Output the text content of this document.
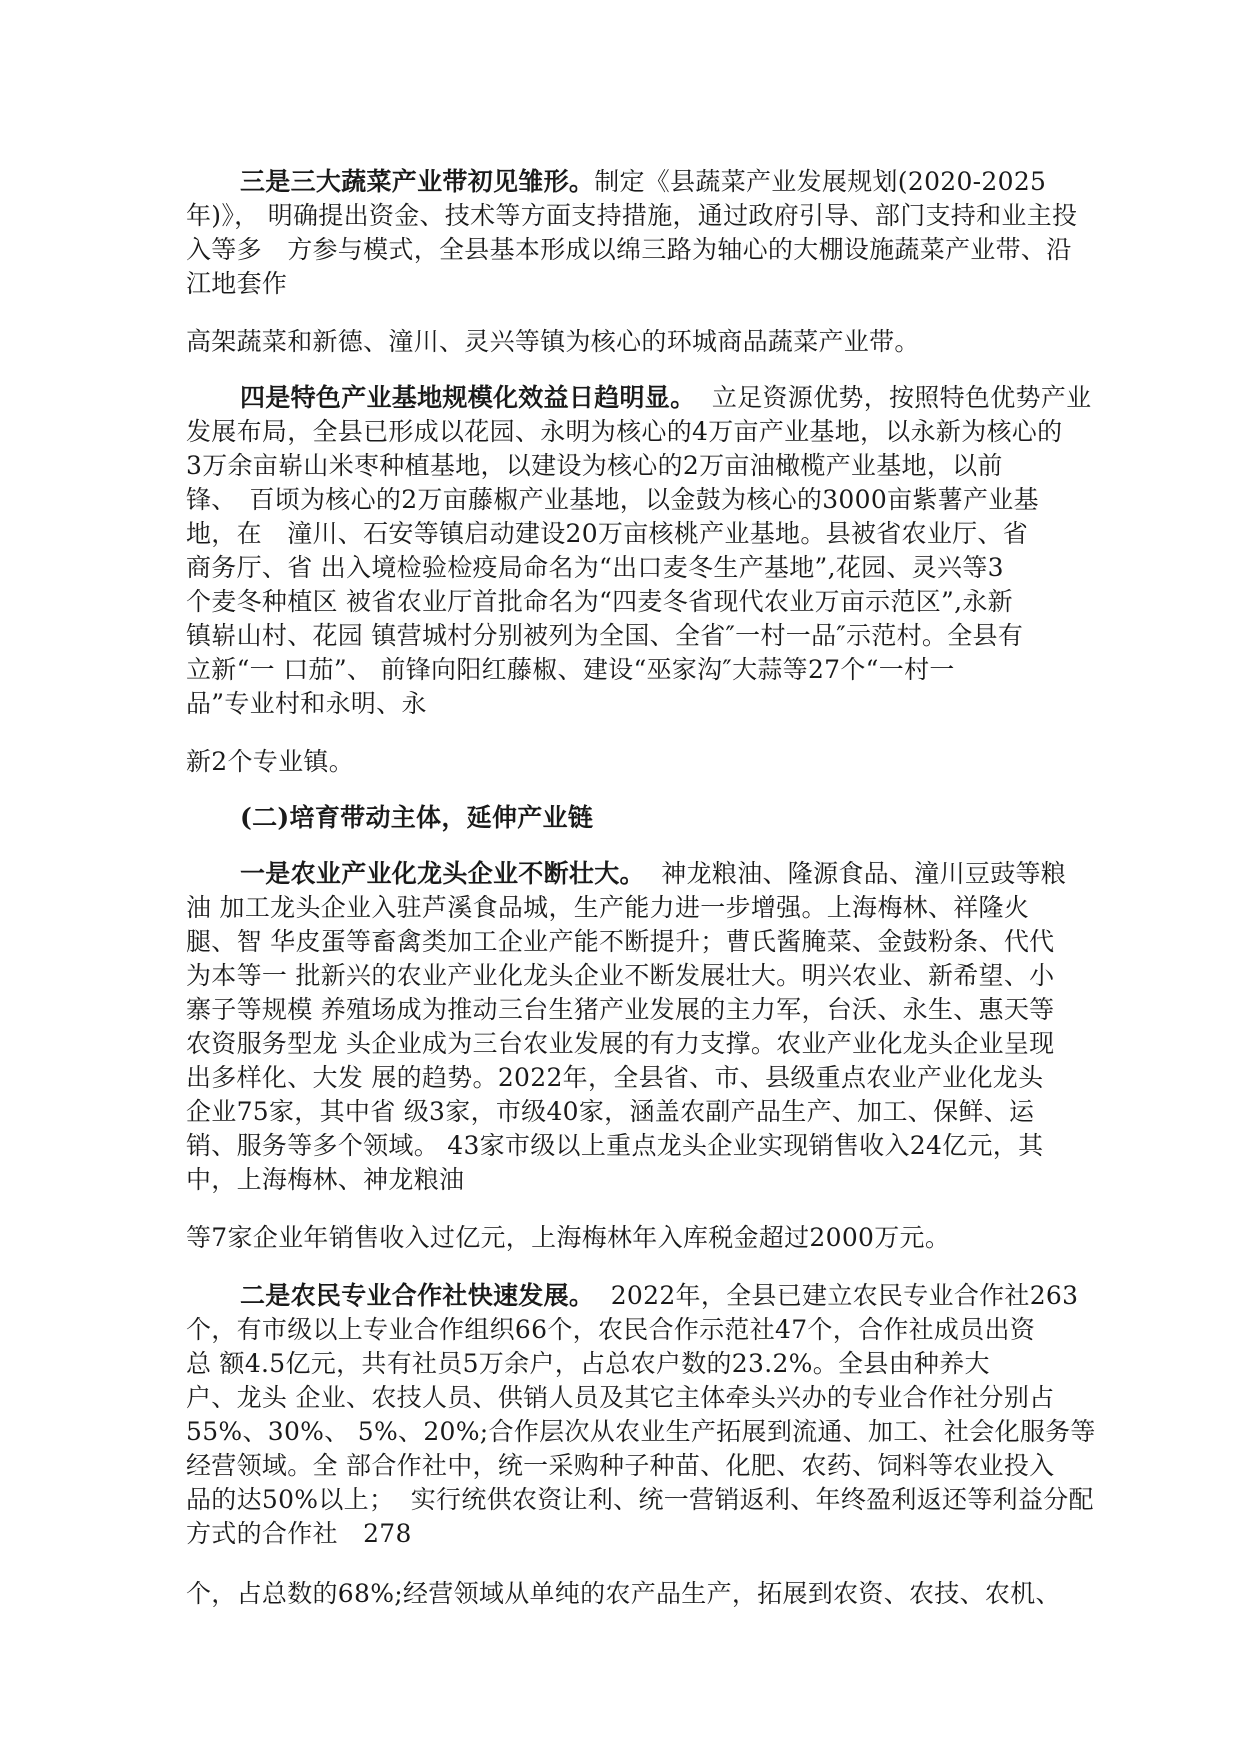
三是三大蔬菜产业带初见雏形。制定《县蔬菜产业发展规划(2020-2025
年)》， 明确提出资金、技术等方面支持措施，通过政府引导、部门支持和业主投
入等多　方参与模式，全县基本形成以绵三路为轴心的大棚设施蔬菜产业带、沿
江地套作
高架蔬菜和新德、潼川、灵兴等镇为核心的环城商品蔬菜产业带。
四是特色产业基地规模化效益日趋明显。  立足资源优势，按照特色优势产业
发展布局，全县已形成以花园、永明为核心的4万亩产业基地，以永新为核心的
3万余亩崭山米枣种植基地，以建设为核心的2万亩油橄榄产业基地，以前
锋、　百顷为核心的2万亩藤椒产业基地，以金鼓为核心的3000亩紫薯产业基
地，在　潼川、石安等镇启动建设20万亩核桃产业基地。县被省农业厅、省
商务厅、省 出入境检验检疫局命名为“出口麦冬生产基地”,花园、灵兴等3
个麦冬种植区 被省农业厅首批命名为“四麦冬省现代农业万亩示范区”,永新
镇崭山村、花园 镇营城村分别被列为全国、全省″一村一品″示范村。全县有
立新“一 口茄”、 前锋向阳红藤椒、建设“巫家沟″大蒜等27个“一村一
品”专业村和永明、永
新2个专业镇。
(二)培育带动主体，延伸产业链
一是农业产业化龙头企业不断壮大。  神龙粮油、隆源食品、潼川豆豉等粮
油 加工龙头企业入驻芦溪食品城，生产能力进一步增强。上海梅林、祥隆火
腿、智 华皮蛋等畜禽类加工企业产能不断提升；曹氏酱腌菜、金鼓粉条、代代
为本等一 批新兴的农业产业化龙头企业不断发展壮大。明兴农业、新希望、小
寨子等规模 养殖场成为推动三台生猪产业发展的主力军，台沃、永生、惠天等
农资服务型龙 头企业成为三台农业发展的有力支撑。农业产业化龙头企业呈现
出多样化、大发 展的趋势。2022年，全县省、市、县级重点农业产业化龙头
企业75家，其中省 级3家，市级40家，涵盖农副产品生产、加工、保鲜、运
销、服务等多个领域。 43家市级以上重点龙头企业实现销售收入24亿元，其
中，上海梅林、神龙粮油
等7家企业年销售收入过亿元，上海梅林年入库税金超过2000万元。
二是农民专业合作社快速发展。  2022年，全县已建立农民专业合作社263
个，有市级以上专业合作组织66个，农民合作示范社47个，合作社成员出资
总 额4.5亿元，共有社员5万余户，占总农户数的23.2%。全县由种养大
户、龙头 企业、农技人员、供销人员及其它主体牵头兴办的专业合作社分别占
55%、30%、 5%、20%;合作层次从农业生产拓展到流通、加工、社会化服务等
经营领域。全 部合作社中，统一采购种子种苗、化肥、农药、饲料等农业投入
品的达50%以上；  实行统供农资让利、统一营销返利、年终盈利返还等利益分配
方式的合作社　278
个，占总数的68%;经营领域从单纯的农产品生产，拓展到农资、农技、农机、
